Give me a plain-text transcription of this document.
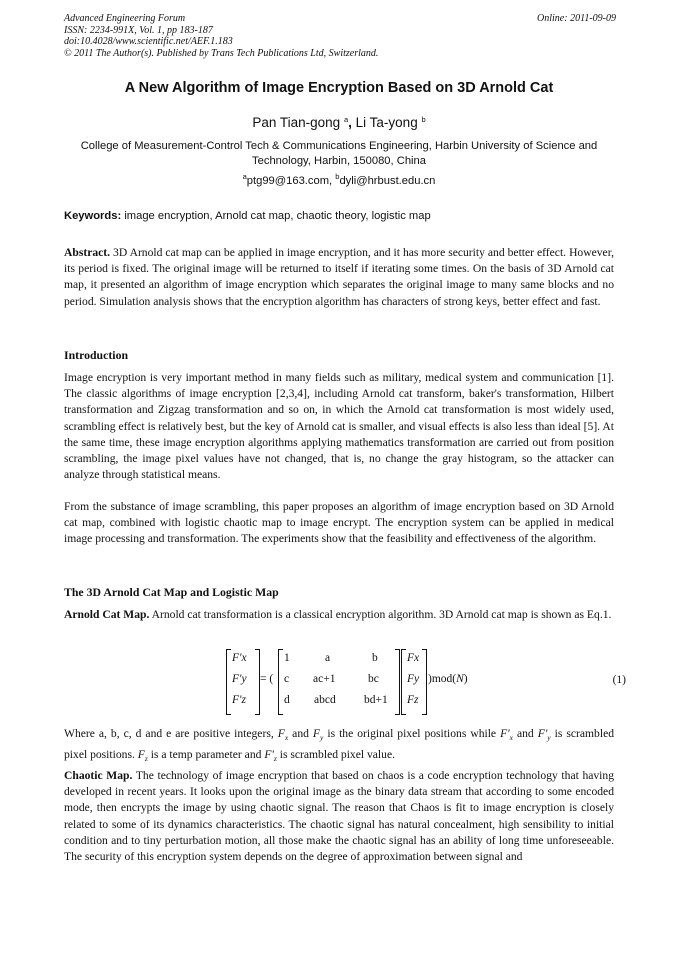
Advanced Engineering Forum
ISSN: 2234-991X, Vol. 1, pp 183-187
doi:10.4028/www.scientific.net/AEF.1.183
© 2011 The Author(s). Published by Trans Tech Publications Ltd, Switzerland.
Online: 2011-09-09
A New Algorithm of Image Encryption Based on 3D Arnold Cat
Pan Tian-gong $^a$, Li Ta-yong $^b$
College of Measurement-Control Tech & Communications Engineering, Harbin University of Science and Technology, Harbin, 150080, China
$^a$ptg99@163.com, $^b$dyli@hrbust.edu.cn
Keywords: image encryption, Arnold cat map, chaotic theory, logistic map
Abstract. 3D Arnold cat map can be applied in image encryption, and it has more security and better effect. However, its period is fixed. The original image will be returned to itself if iterating some times. On the basis of 3D Arnold cat map, it presented an algorithm of image encryption which separates the original image to many same blocks and no period. Simulation analysis shows that the encryption algorithm has characters of strong keys, better effect and fast.
Introduction
Image encryption is very important method in many fields such as military, medical system and communication [1]. The classic algorithms of image encryption [2,3,4], including Arnold cat transform, baker's transformation, Hilbert transformation and Zigzag transformation and so on, in which the Arnold cat transformation is most widely used, scrambling effect is relatively best, but the key of Arnold cat is smaller, and visual effects is also less than ideal [5]. At the same time, these image encryption algorithms applying mathematics transformation are carried out from position scrambling, the image pixel values have not changed, that is, no change the gray histogram, so the attacker can analyze through statistical means.
From the substance of image scrambling, this paper proposes an algorithm of image encryption based on 3D Arnold cat map, combined with logistic chaotic map to image encrypt. The encryption system can be applied in medical image processing and transformation. The experiments show that the feasibility and effectiveness of the algorithm.
The 3D Arnold Cat Map and Logistic Map
Arnold Cat Map. Arnold cat transformation is a classical encryption algorithm. 3D Arnold cat map is shown as Eq.1.
F'x
F'y
F'z
= (
1	a	b
c ac+1	bc
d abcd bd+1
Fx
Fy
Fz
)mod(N)	(1)
Where a, b, c, d and e are positive integers, $F_x$ and $F_y$ is the original pixel positions while $F'_x$ and $F'_y$ is scrambled pixel positions. $F_z$ is a temp parameter and $F'_z$ is scrambled pixel value.
Chaotic Map. The technology of image encryption that based on chaos is a code encryption technology that having developed in recent years. It looks upon the original image as the binary data stream that according to some encoded mode, then encrypts the image by using chaotic signal. The reason that Chaos is fit to image encryption is closely related to some of its dynamics characteristics. The chaotic signal has natural concealment, high sensibility to initial condition and to tiny perturbation motion, all those make the chaotic signal has an ability of long time unforeseeable. The security of this encryption system depends on the degree of approximation between signal and
